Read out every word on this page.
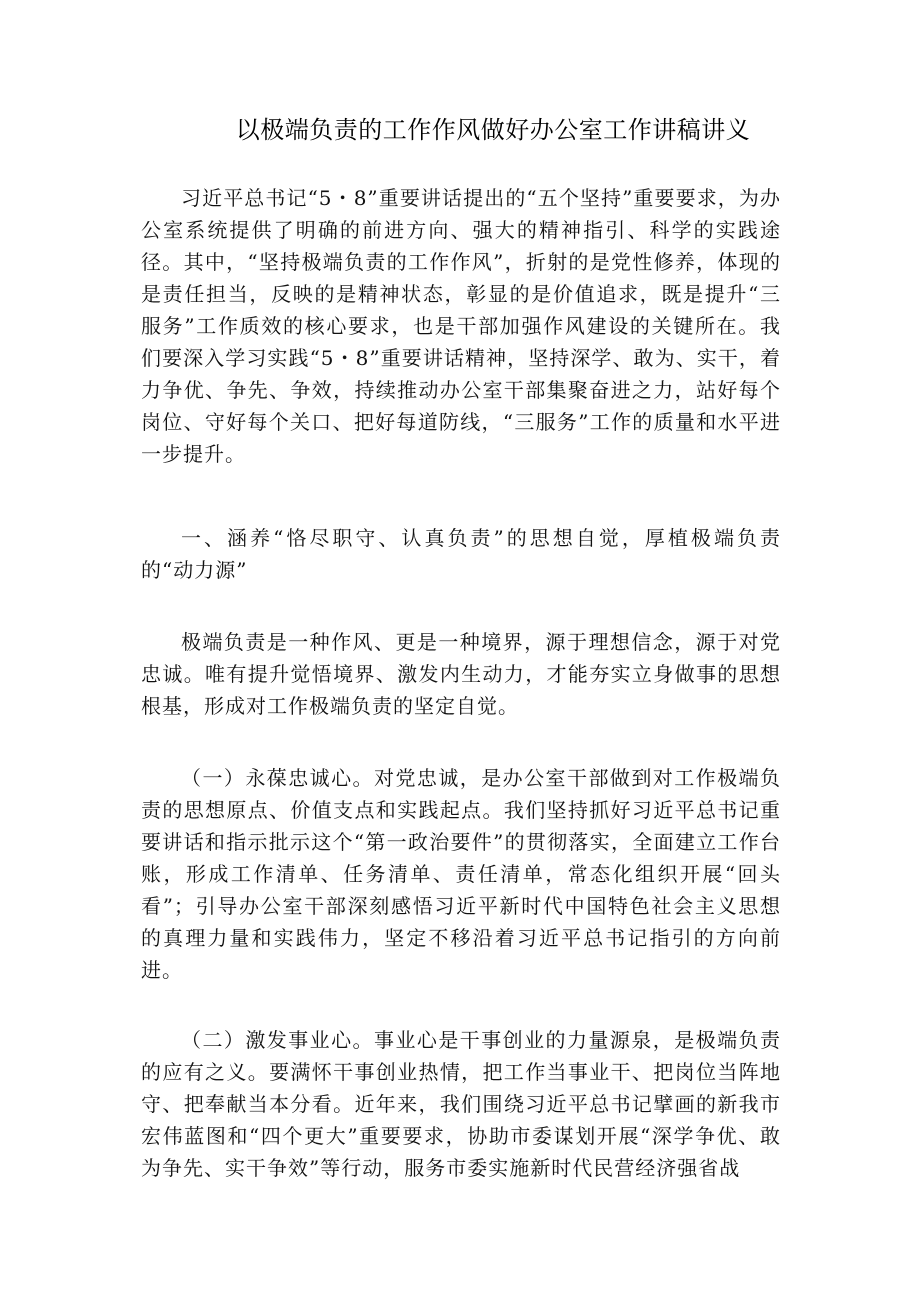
以极端负责的工作作风做好办公室工作讲稿讲义

习近平总书记“5・8”重要讲话提出的“五个坚持”重要要求，为办公室系统提供了明确的前进方向、强大的精神指引、科学的实践途径。其中，“坚持极端负责的工作作风”，折射的是党性修养，体现的是责任担当，反映的是精神状态，彰显的是价值追求，既是提升“三服务”工作质效的核心要求，也是干部加强作风建设的关键所在。我们要深入学习实践“5・8”重要讲话精神，坚持深学、敢为、实干，着力争优、争先、争效，持续推动办公室干部集聚奋进之力，站好每个岗位、守好每个关口、把好每道防线，“三服务”工作的质量和水平进一步提升。

一、涵养“恪尽职守、认真负责”的思想自觉，厚植极端负责的“动力源”

极端负责是一种作风、更是一种境界，源于理想信念，源于对党忠诚。唯有提升觉悟境界、激发内生动力，才能夯实立身做事的思想根基，形成对工作极端负责的坚定自觉。

（一）永葆忠诚心。对党忠诚，是办公室干部做到对工作极端负责的思想原点、价值支点和实践起点。我们坚持抓好习近平总书记重要讲话和指示批示这个“第一政治要件”的贯彻落实，全面建立工作台账，形成工作清单、任务清单、责任清单，常态化组织开展“回头看”；引导办公室干部深刻感悟习近平新时代中国特色社会主义思想的真理力量和实践伟力，坚定不移沿着习近平总书记指引的方向前进。

（二）激发事业心。事业心是干事创业的力量源泉，是极端负责的应有之义。要满怀干事创业热情，把工作当事业干、把岗位当阵地守、把奉献当本分看。近年来，我们围绕习近平总书记擘画的新我市宏伟蓝图和“四个更大”重要要求，协助市委谋划开展“深学争优、敢为争先、实干争效”等行动，服务市委实施新时代民营经济强省战
